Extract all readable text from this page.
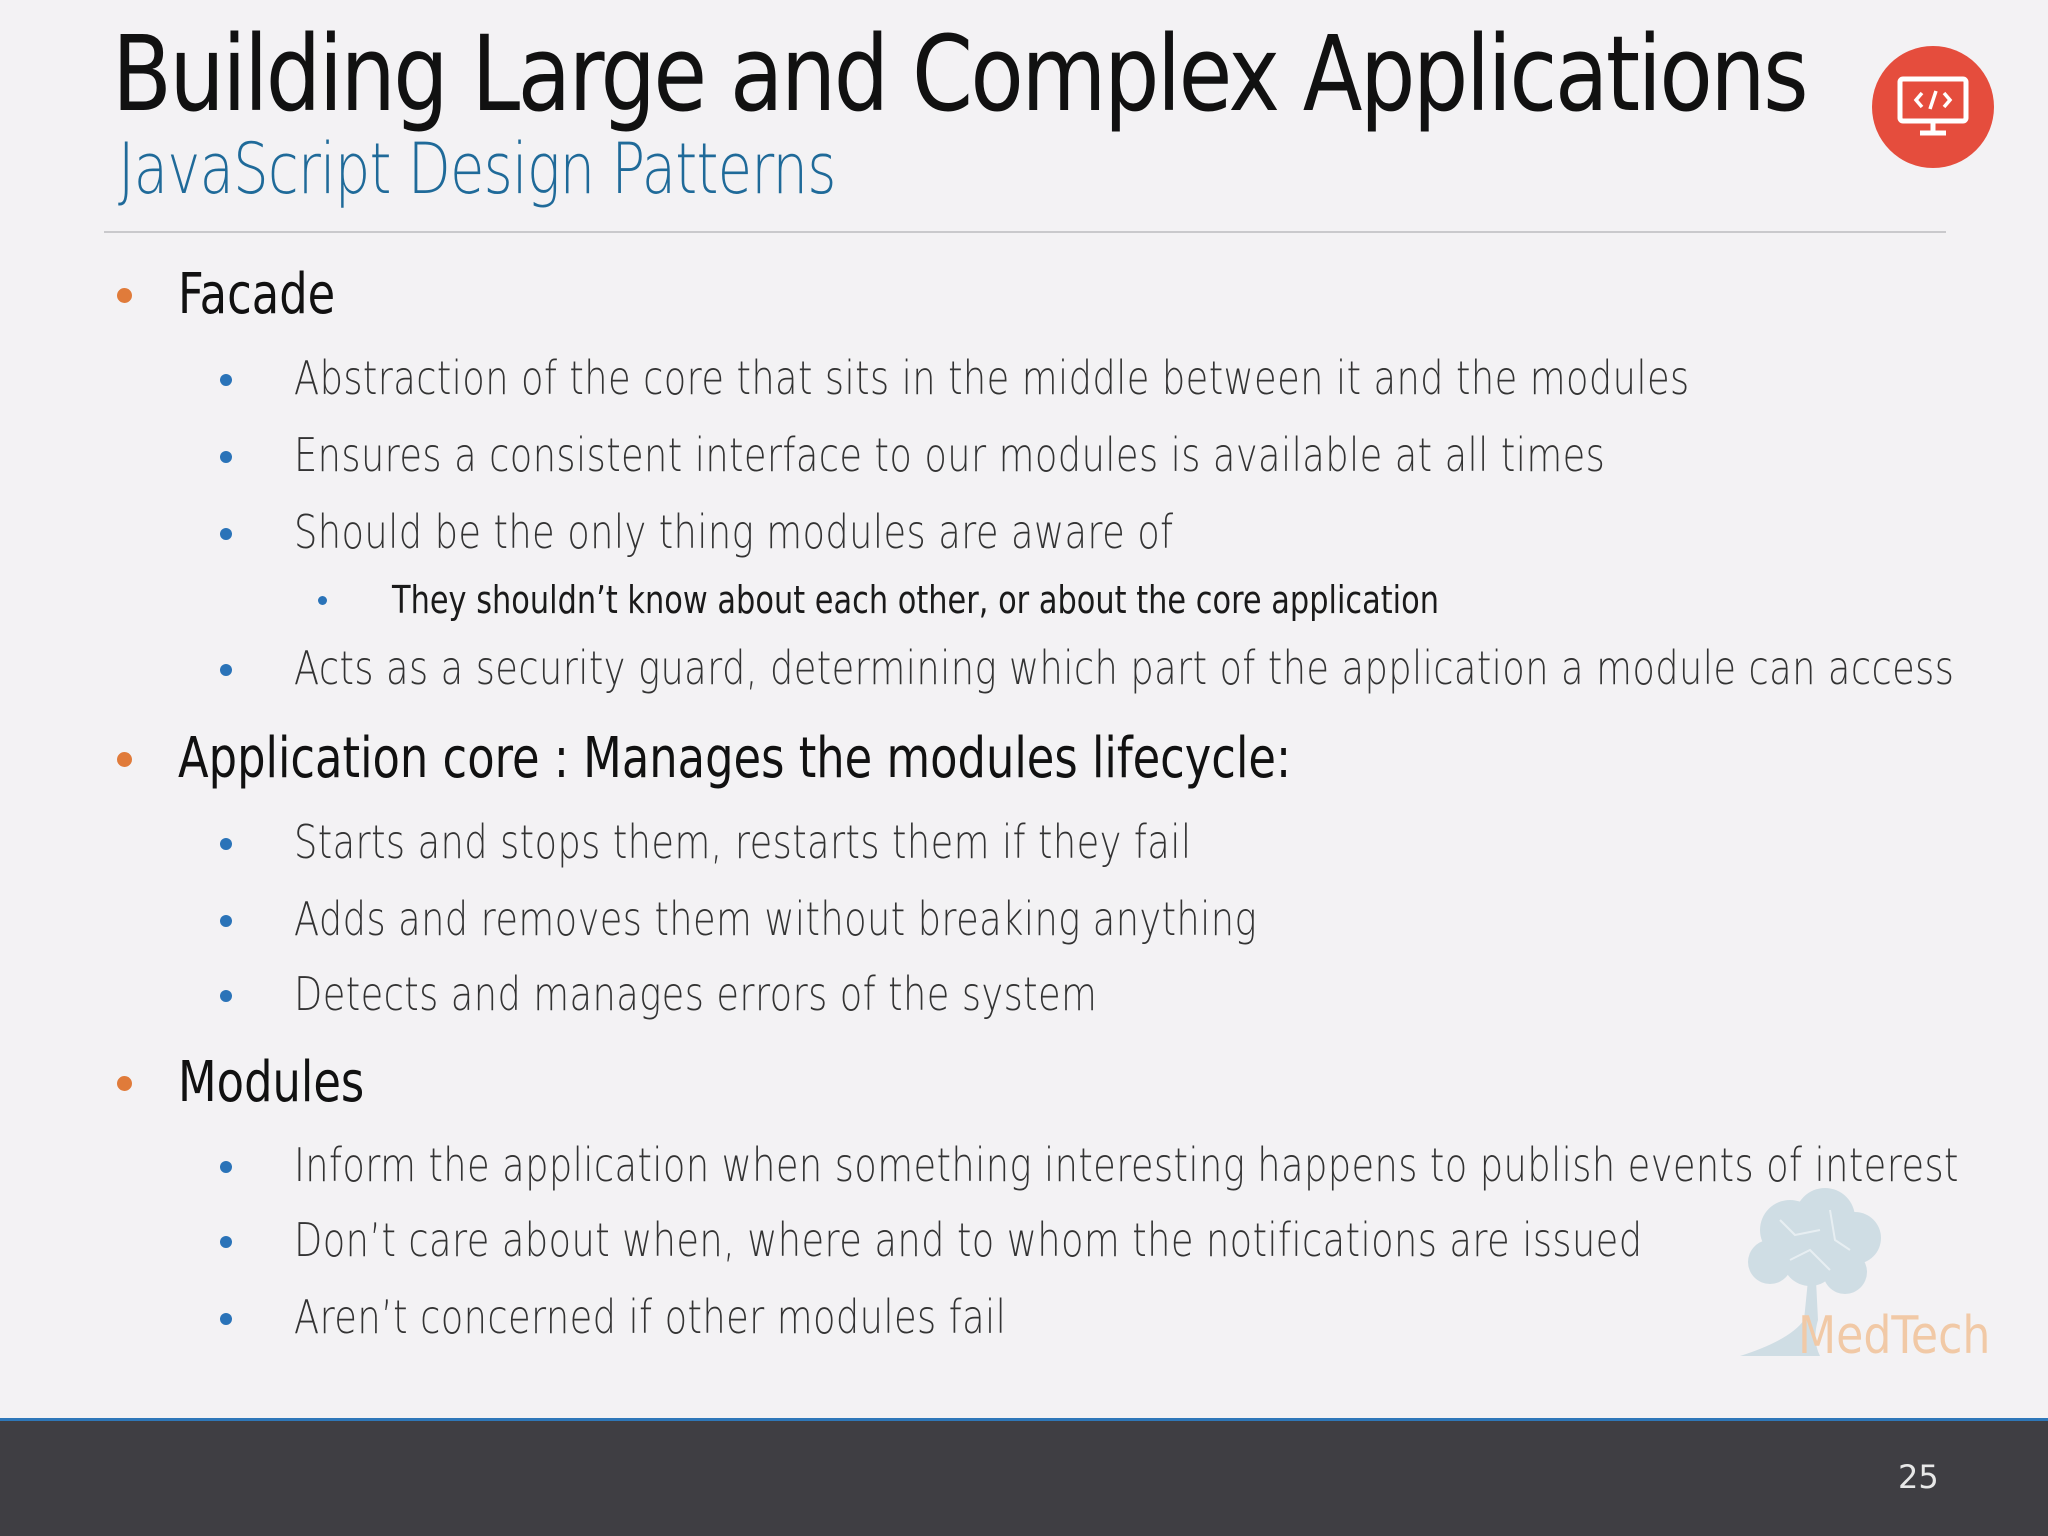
Building Large and Complex Applications
JavaScript Design Patterns
Facade
Abstraction of the core that sits in the middle between it and the modules
Ensures a consistent interface to our modules is available at all times
Should be the only thing modules are aware of
They shouldn’t know about each other, or about the core application
Acts as a security guard, determining which part of the application a module can access
Application core : Manages the modules lifecycle:
Starts and stops them, restarts them if they fail
Adds and removes them without breaking anything
Detects and manages errors of the system
Modules
Inform the application when something interesting happens to publish events of interest
Don’t care about when, where and to whom the notifications are issued
Aren’t concerned if other modules fail	MedTech
25
